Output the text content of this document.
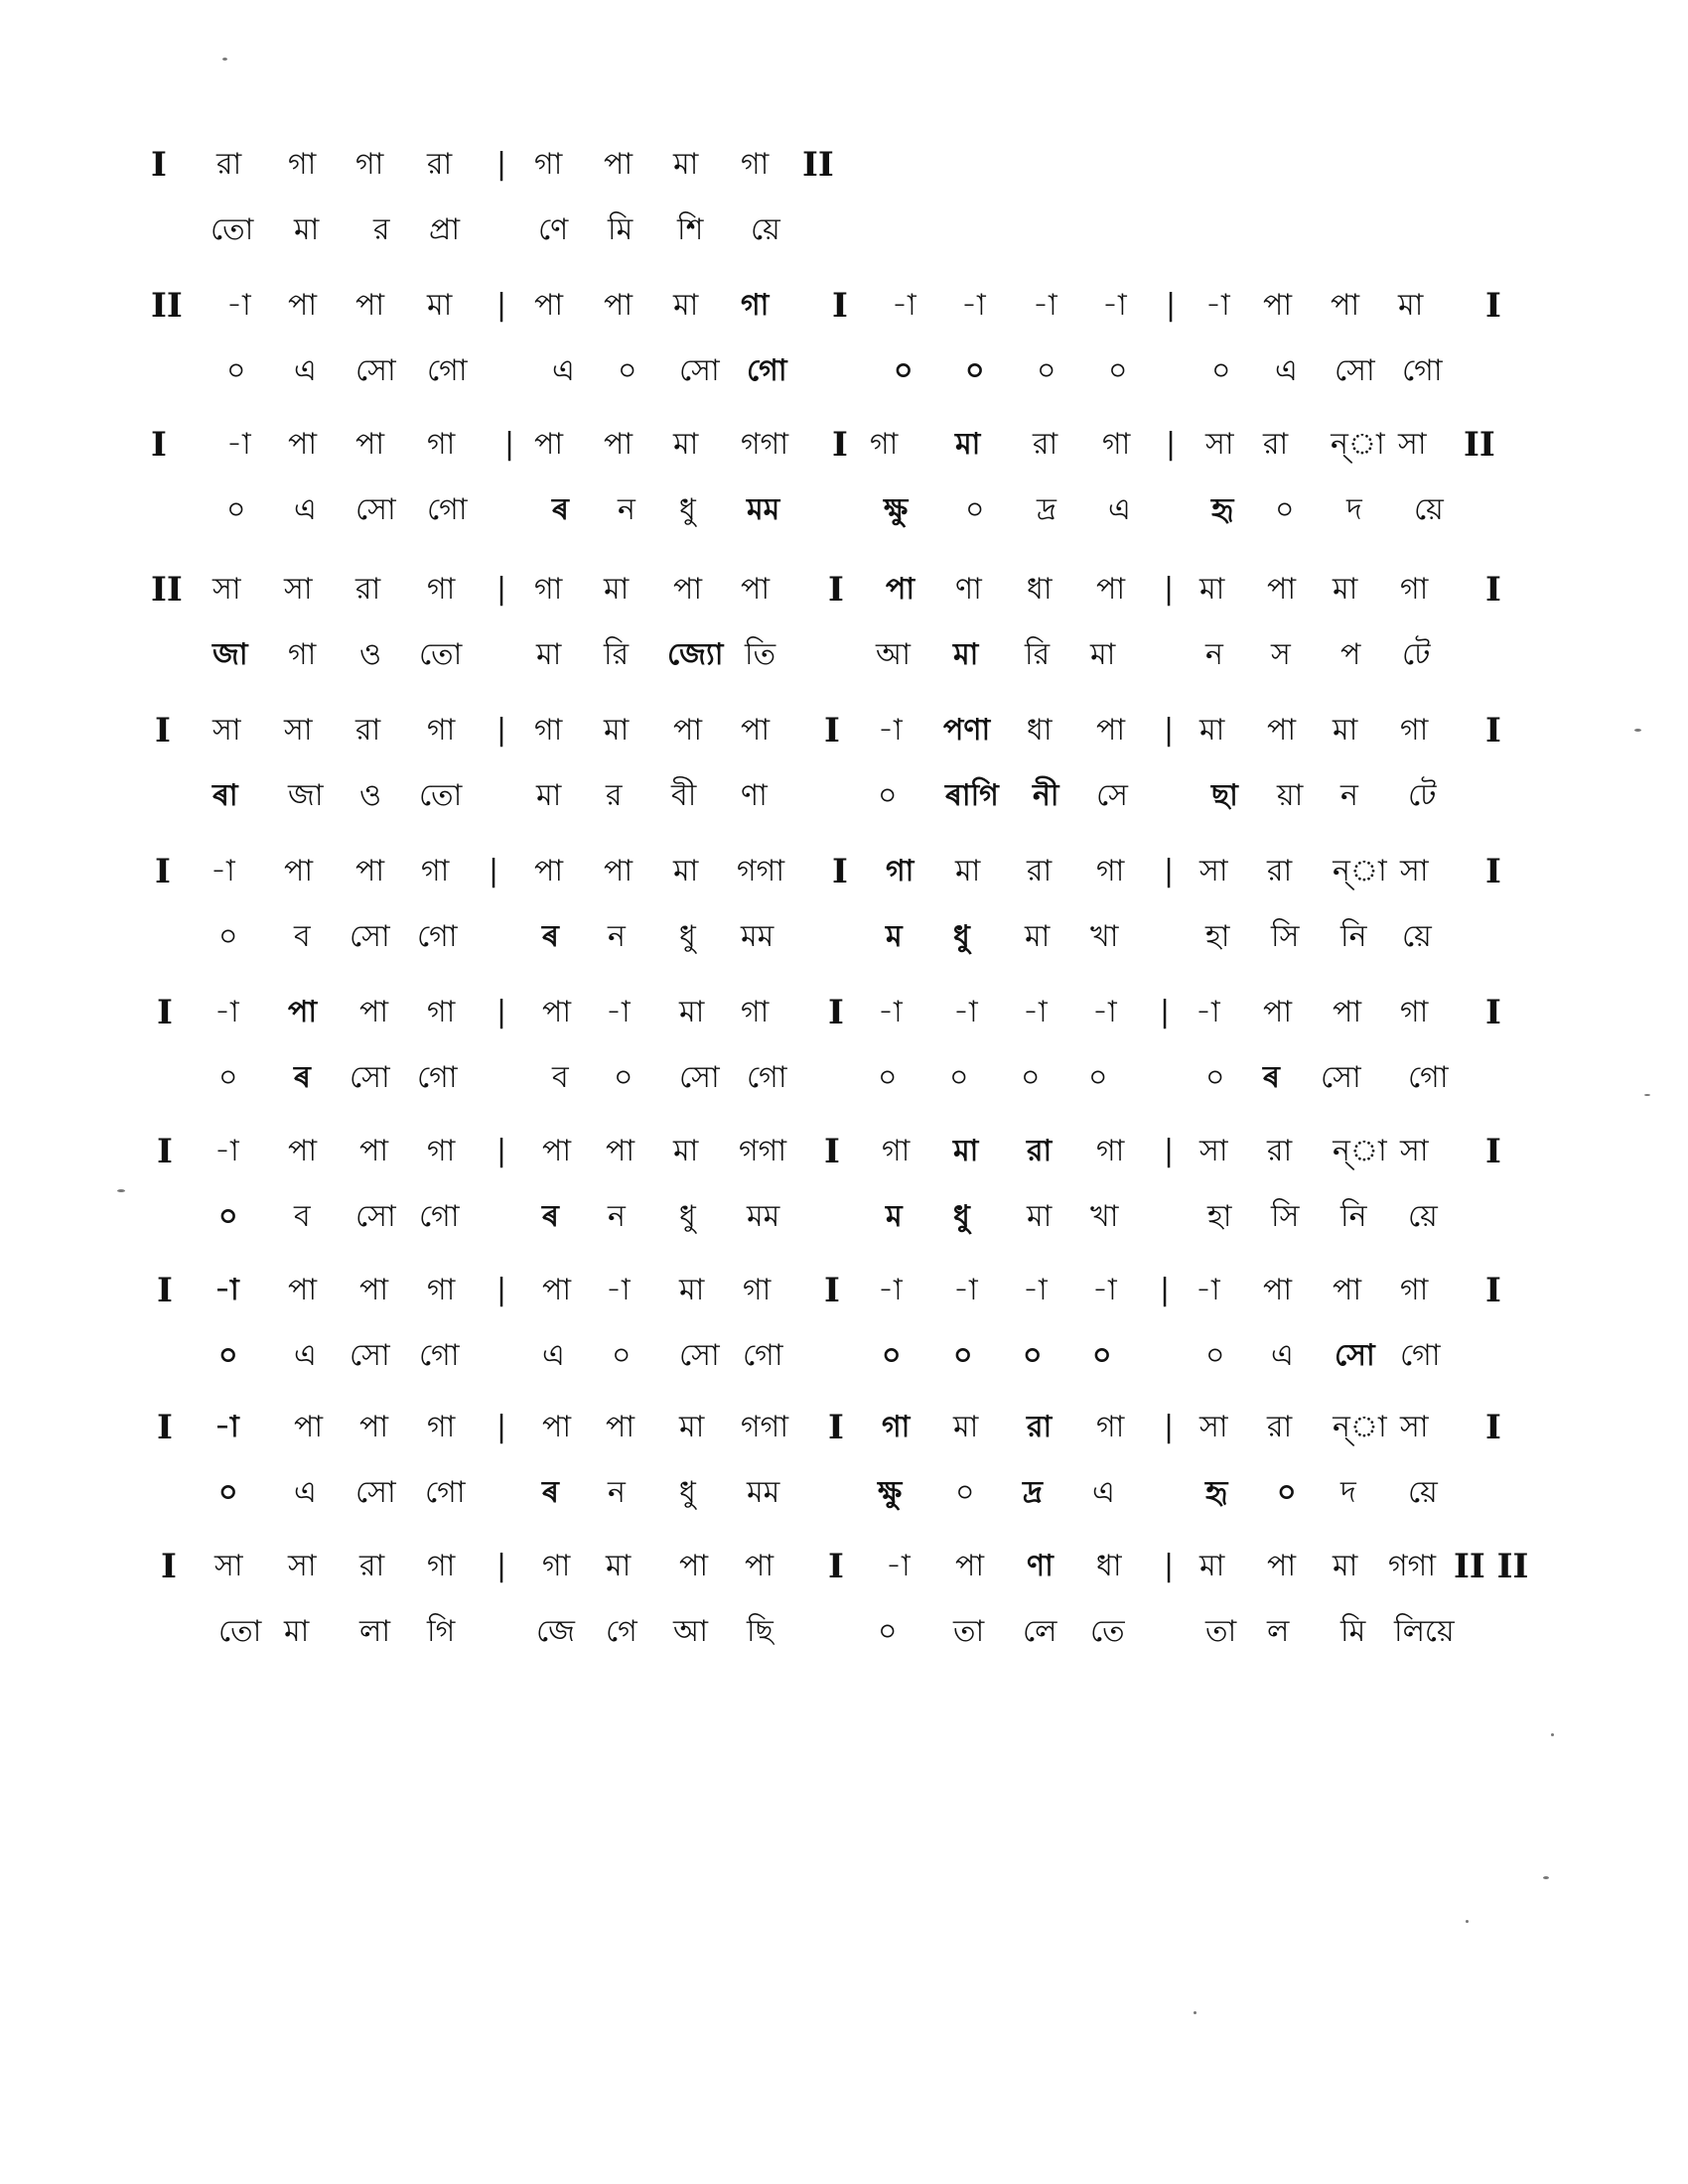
I রা গা গা রা | গা পা মা গা II
তো মা র প্রা	ণে মি শি য়ে
II -া পা পা মা | পা পা মা গা I -া -া -া -া | -া পা পা মা I
০ এ সো গো	এ ০ সো গো	০ ০ ০ ০	০ এ সো গো
I -া পা পা গা | পা পা মা গগা I গা মা রা গা | সা রা ন্‌া সা II
০ এ সো গো	ৰ ন ধু মম	ক্ষু ০ দ্র এ	হৃ ০ দ য়ে
II সা সা রা গা | গা মা পা পা I পা ণা ধা পা | মা পা মা গা I
জা গা ও তো মা রি জ্যো তি	আ মা রি মা	ন স প টে
I সা সা রা গা | গা মা পা পা I -া পণা ধা পা | মা পা মা গা I
ৰা জা ও তো মা র বী ণা	০ ৰাগি নী সে	ছা য়া ন টে
I -া পা পা গা | পা পা মা গগা I গা মা রা গা | সা রা ন্‌া সা I
০ ব সো গো	ৰ ন ধু মম	ম ধু মা খা	হা সি নি য়ে
I -া পা পা গা | পা -া মা গা I -া -া -া -া | -া পা পা গা I
০ ৰ সো গো	ব ০ সো গো	০ ০ ০ ০	০ ৰ সো গো
I -া পা পা গা | পা পা মা গগা I গা মা রা গা | সা রা ন্‌া সা I
০ ব সো গো	ৰ ন ধু মম	ম ধু মা খা	হা সি নি য়ে
I -া পা পা গা | পা -া মা গা I -া -া -া -া | -া পা পা গা I
০ এ সো গো	এ ০ সো গো	০ ০ ০ ০	০ এ সো গো
I -া পা পা গা | পা পা মা গগা I গা মা রা গা | সা রা ন্‌া সা I
০ এ সো গো	ৰ ন ধু মম	ক্ষু ০ দ্র এ	হৃ ০ দ য়ে
I সা সা রা গা | গা মা পা পা I -া পা ণা ধা | মা পা মা গগা II II
তো মা লা গি	জে গে আ ছি	০ তা লে তে	তা ল মি লিয়ে
